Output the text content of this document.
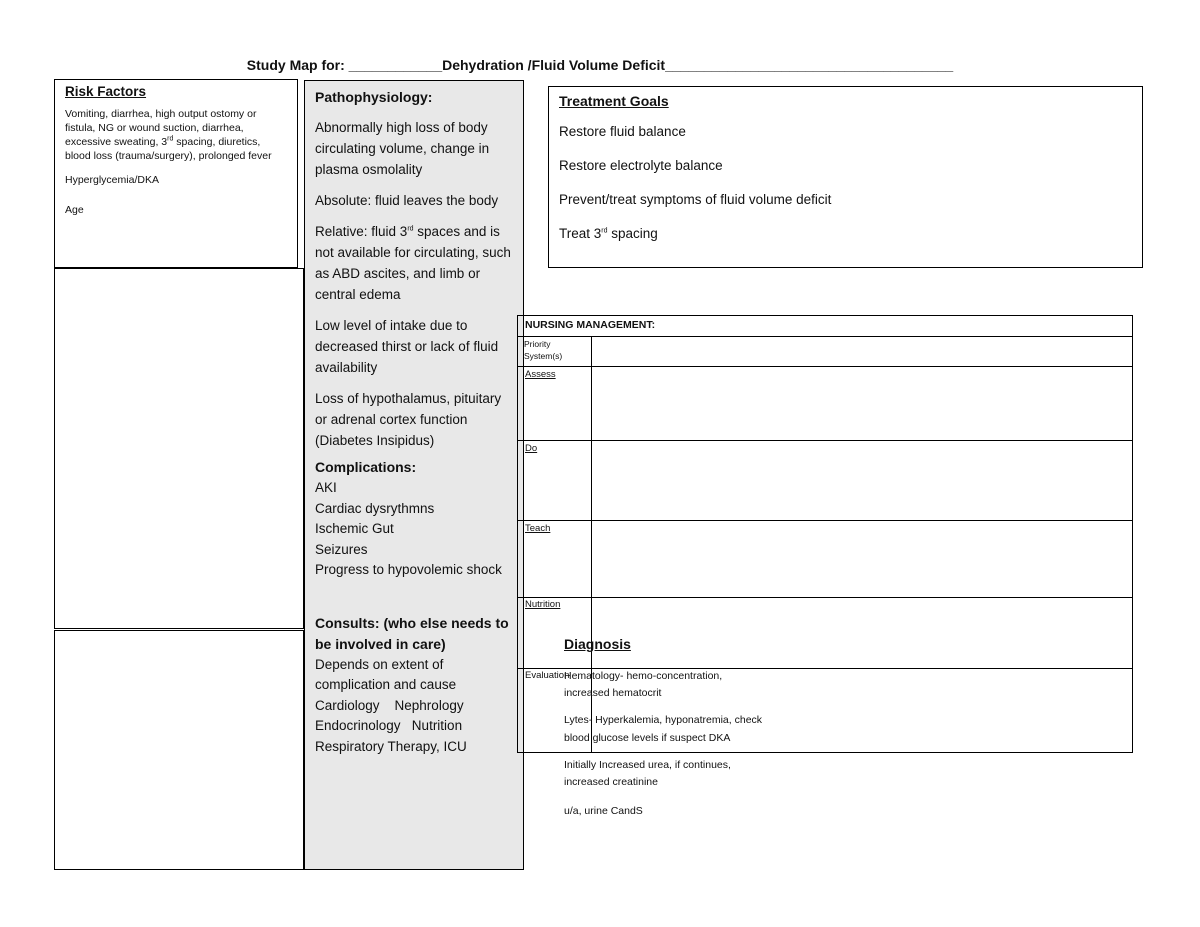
Study Map for: ____________Dehydration /Fluid Volume Deficit_____________________________________

Risk Factors

Vomiting, diarrhea, high output ostomy or fistula, NG or wound suction, diarrhea, excessive sweating, 3rd spacing, diuretics, blood loss (trauma/surgery), prolonged fever

Hyperglycemia/DKA

Age

Pathophysiology:

Abnormally high loss of body circulating volume, change in plasma osmolality

Absolute: fluid leaves the body

Relative: fluid 3rd spaces and is not available for circulating, such as ABD ascites, and limb or central edema

Low level of intake due to decreased thirst or lack of fluid availability

Loss of hypothalamus, pituitary or adrenal cortex function (Diabetes Insipidus)

Complications:

AKI

Cardiac dysrythmns

Ischemic Gut

Seizures

Progress to hypovolemic shock

Consults: (who else needs to be involved in care)

Depends on extent of complication and cause

Cardiology    Nephrology

Endocrinology   Nutrition

Respiratory Therapy, ICU

Treatment Goals

Restore fluid balance

Restore electrolyte balance

Prevent/treat symptoms of fluid volume deficit

Treat 3rd spacing

NURSING MANAGEMENT:
Priority System(s)
Assess
Do
Teach
Nutrition
Evaluation

Diagnosis

Hematology- hemo-concentration, increased hematocrit

Lytes- Hyperkalemia, hyponatremia, check blood glucose levels if suspect DKA

Initially Increased urea, if continues, increased creatinine

u/a, urine CandS
